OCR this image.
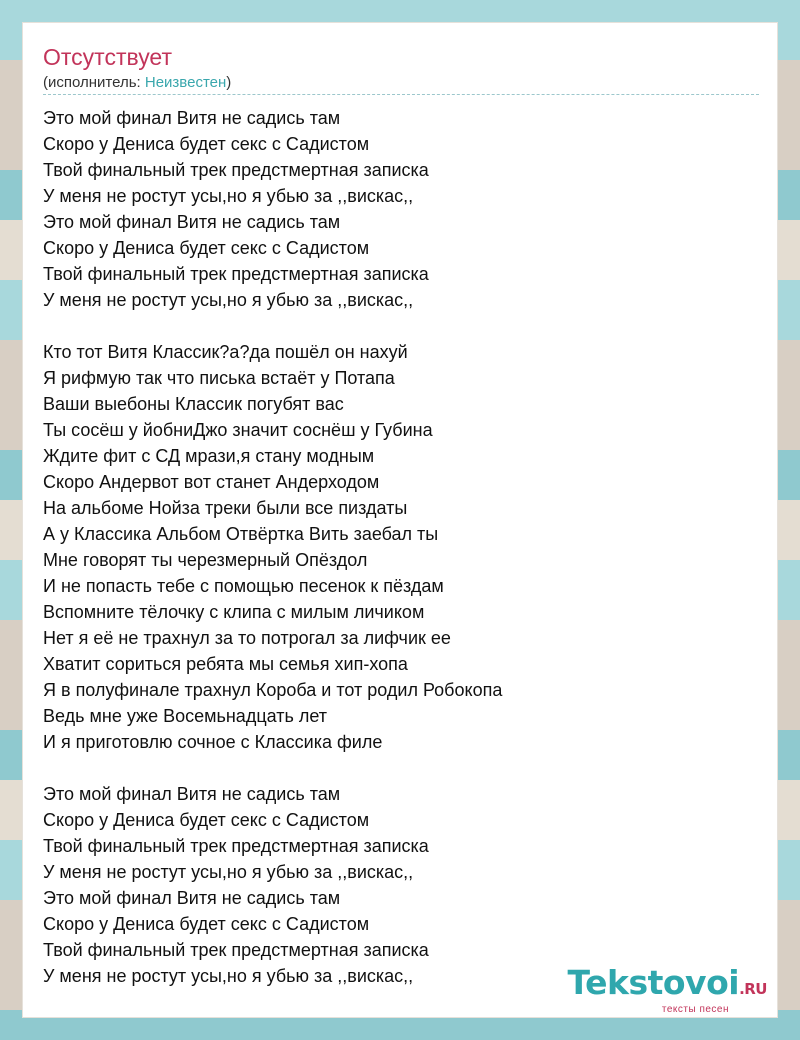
Отсутствует
(исполнитель: Неизвестен)
Это мой финал Витя не садись там
Скоро у Дениса будет секс с Садистом
Твой финальный трек предстмертная записка
У меня не ростут усы,но я убью за ,,вискас,,
Это мой финал Витя не садись там
Скоро у Дениса будет секс с Садистом
Твой финальный трек предстмертная записка
У меня не ростут усы,но я убью за ,,вискас,,
Кто тот Витя Классик?а?да пошёл он нахуй
Я рифмую так что писька встаёт у Потапа
Ваши выебоны Классик погубят вас
Ты сосёш у йобниДжо значит соснёш у Губина
Ждите фит с СД мрази,я стану модным
Скоро Андервот вот станет Андерходом
На альбоме Нойза треки были все пиздаты
А у Классика Альбом Отвёртка Вить заебал ты
Мне говорят ты черезмерный Опёздол
И не попасть тебе с помощью песенок к пёздам
Вспомните тёлочку с клипа с милым личиком
Нет я её не трахнул за то потрогал за лифчик ее
Хватит сориться ребята мы семья хип-хопа
Я в полуфинале трахнул Короба и тот родил Робокопа
Ведь мне уже Восемьнадцать лет
И я приготовлю сочное с Классика филе
Это мой финал Витя не садись там
Скоро у Дениса будет секс с Садистом
Твой финальный трек предстмертная записка
У меня не ростут усы,но я убью за ,,вискас,,
Это мой финал Витя не садись там
Скоро у Дениса будет секс с Садистом
Твой финальный трек предстмертная записка
У меня не ростут усы,но я убью за ,,вискас,,	Tekstovoi.RU
тексты песен
